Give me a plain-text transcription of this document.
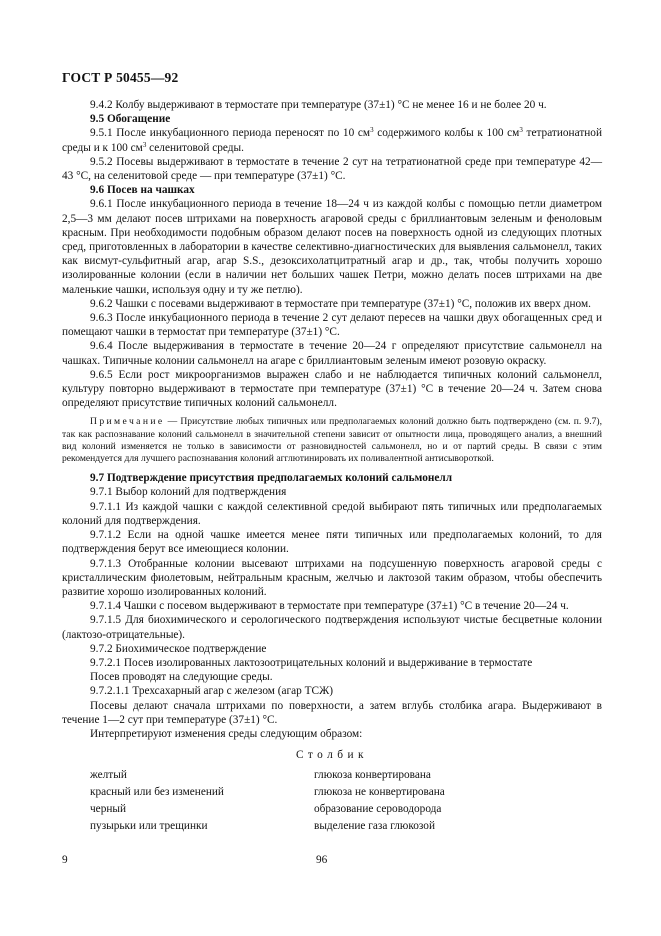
ГОСТ Р 50455—92

9.4.2 Колбу выдерживают в термостате при температуре (37±1) °C не менее 16 и не более 20 ч.

9.5 Обогащение

9.5.1 После инкубационного периода переносят по 10 $см^3$ содержимого колбы к 100 $см^3$ тетратионатной среды и к 100 $см^3$ селенитовой среды.

9.5.2 Посевы выдерживают в термостате в течение 2 сут на тетратионатной среде при температуре 42—43 °C, на селенитовой среде — при температуре (37±1) °C.

9.6 Посев на чашках

9.6.1 После инкубационного периода в течение 18—24 ч из каждой колбы с помощью петли диаметром 2,5—3 мм делают посев штрихами на поверхность агаровой среды с бриллиантовым зеленым и феноловым красным. При необходимости подобным образом делают посев на поверхность одной из следующих плотных сред, приготовленных в лаборатории в качестве селективно-диагностических для выявления сальмонелл, таких как висмут-сульфитный агар, агар S.S., дезоксихолатцитратный агар и др., так, чтобы получить хорошо изолированные колонии (если в наличии нет больших чашек Петри, можно делать посев штрихами на две маленькие чашки, используя одну и ту же петлю).

9.6.2 Чашки с посевами выдерживают в термостате при температуре (37±1) °C, положив их вверх дном.

9.6.3 После инкубационного периода в течение 2 сут делают пересев на чашки двух обогащенных сред и помещают чашки в термостат при температуре (37±1) °C.

9.6.4 После выдерживания в термостате в течение 20—24 г определяют присутствие сальмонелл на чашках. Типичные колонии сальмонелл на агаре с бриллиантовым зеленым имеют розовую окраску.

9.6.5 Если рост микроорганизмов выражен слабо и не наблюдается типичных колоний сальмонелл, культуру повторно выдерживают в термостате при температуре (37±1) °C в течение 20—24 ч. Затем снова определяют присутствие типичных колоний сальмонелл.

Примечание — Присутствие любых типичных или предполагаемых колоний должно быть подтверждено (см. п. 9.7), так как распознавание колоний сальмонелл в значительной степени зависит от опытности лица, проводящего анализ, а внешний вид колоний изменяется не только в зависимости от разновидностей сальмонелл, но и от партий среды. В связи с этим рекомендуется для лучшего распознавания колоний агглютинировать их поливалентной антисывороткой.

9.7 Подтверждение присутствия предполагаемых колоний сальмонелл

9.7.1 Выбор колоний для подтверждения

9.7.1.1 Из каждой чашки с каждой селективной средой выбирают пять типичных или предполагаемых колоний для подтверждения.

9.7.1.2 Если на одной чашке имеется менее пяти типичных или предполагаемых колоний, то для подтверждения берут все имеющиеся колонии.

9.7.1.3 Отобранные колонии высевают штрихами на подсушенную поверхность агаровой среды с кристаллическим фиолетовым, нейтральным красным, желчью и лактозой таким образом, чтобы обеспечить развитие хорошо изолированных колоний.

9.7.1.4 Чашки с посевом выдерживают в термостате при температуре (37±1) °C в течение 20—24 ч.

9.7.1.5 Для биохимического и серологического подтверждения используют чистые бесцветные колонии (лактозо-отрицательные).

9.7.2 Биохимическое подтверждение

9.7.2.1 Посев изолированных лактозоотрицательных колоний и выдерживание в термостате

Посев проводят на следующие среды.

9.7.2.1.1 Трехсахарный агар с железом (агар ТСЖ)

Посевы делают сначала штрихами по поверхности, а затем вглубь столбика агара. Выдерживают в течение 1—2 сут при температуре (37±1) °C.

Интерпретируют изменения среды следующим образом:

Столбик

желтый	глюкоза конвертирована
красный или без изменений	глюкоза не конвертирована
черный	образование сероводорода
пузырьки или трещинки	выделение газа глюкозой
9	96
